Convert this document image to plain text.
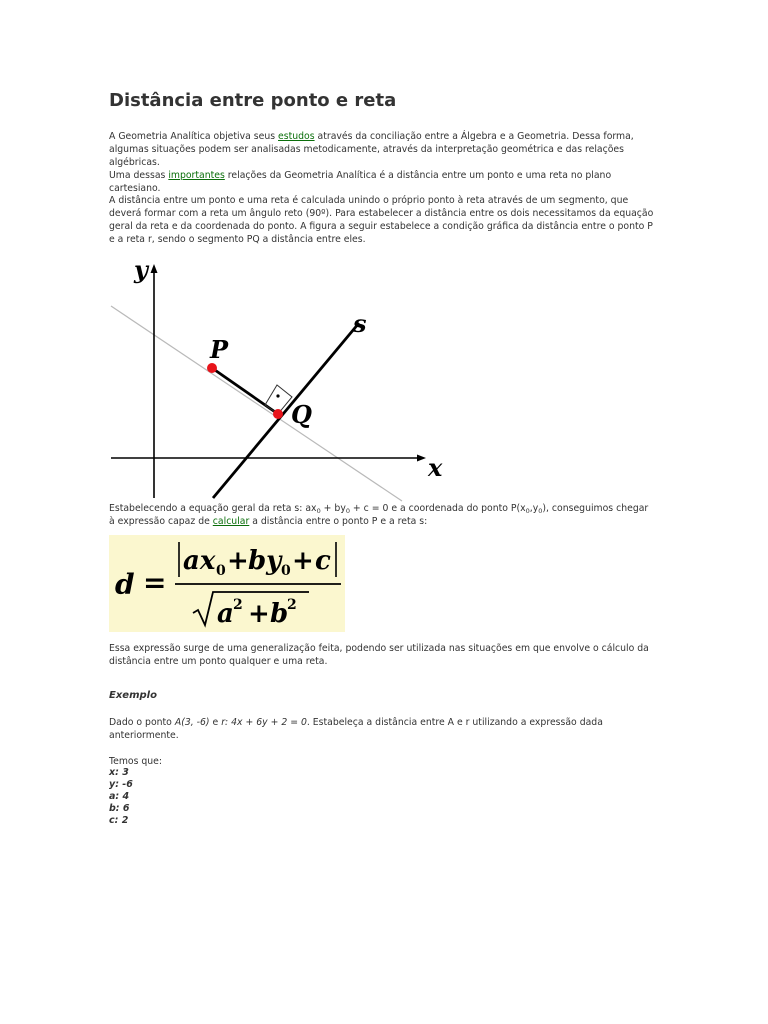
Distância entre ponto e reta

A Geometria Analítica objetiva seus estudos através da conciliação entre a Álgebra e a Geometria. Dessa forma, algumas situações podem ser analisadas metodicamente, através da interpretação geométrica e das relações algébricas.
Uma dessas importantes relações da Geometria Analítica é a distância entre um ponto e uma reta no plano cartesiano.

A distância entre um ponto e uma reta é calculada unindo o próprio ponto à reta através de um segmento, que deverá formar com a reta um ângulo reto (90º). Para estabelecer a distância entre os dois necessitamos da equação geral da reta e da coordenada do ponto. A figura a seguir estabelece a condição gráfica da distância entre o ponto P e a reta r, sendo o segmento PQ a distância entre eles.

y
x
s
P
Q

Estabelecendo a equação geral da reta s: $ax_0 + by_0 + c = 0$ e a coordenada do ponto $P(x_0,y_0)$, conseguimos chegar à expressão capaz de calcular a distância entre o ponto P e a reta s:

d =
ax 0 + by 0 + c
a 2 + b
2

Essa expressão surge de uma generalização feita, podendo ser utilizada nas situações em que envolve o cálculo da distância entre um ponto qualquer e uma reta.

Exemplo

Dado o ponto A(3, -6) e r: 4x + 6y + 2 = 0. Estabeleça a distância entre A e r utilizando a expressão dada anteriormente.

Temos que:

x: 3
y: -6
a: 4
b: 6
c: 2
